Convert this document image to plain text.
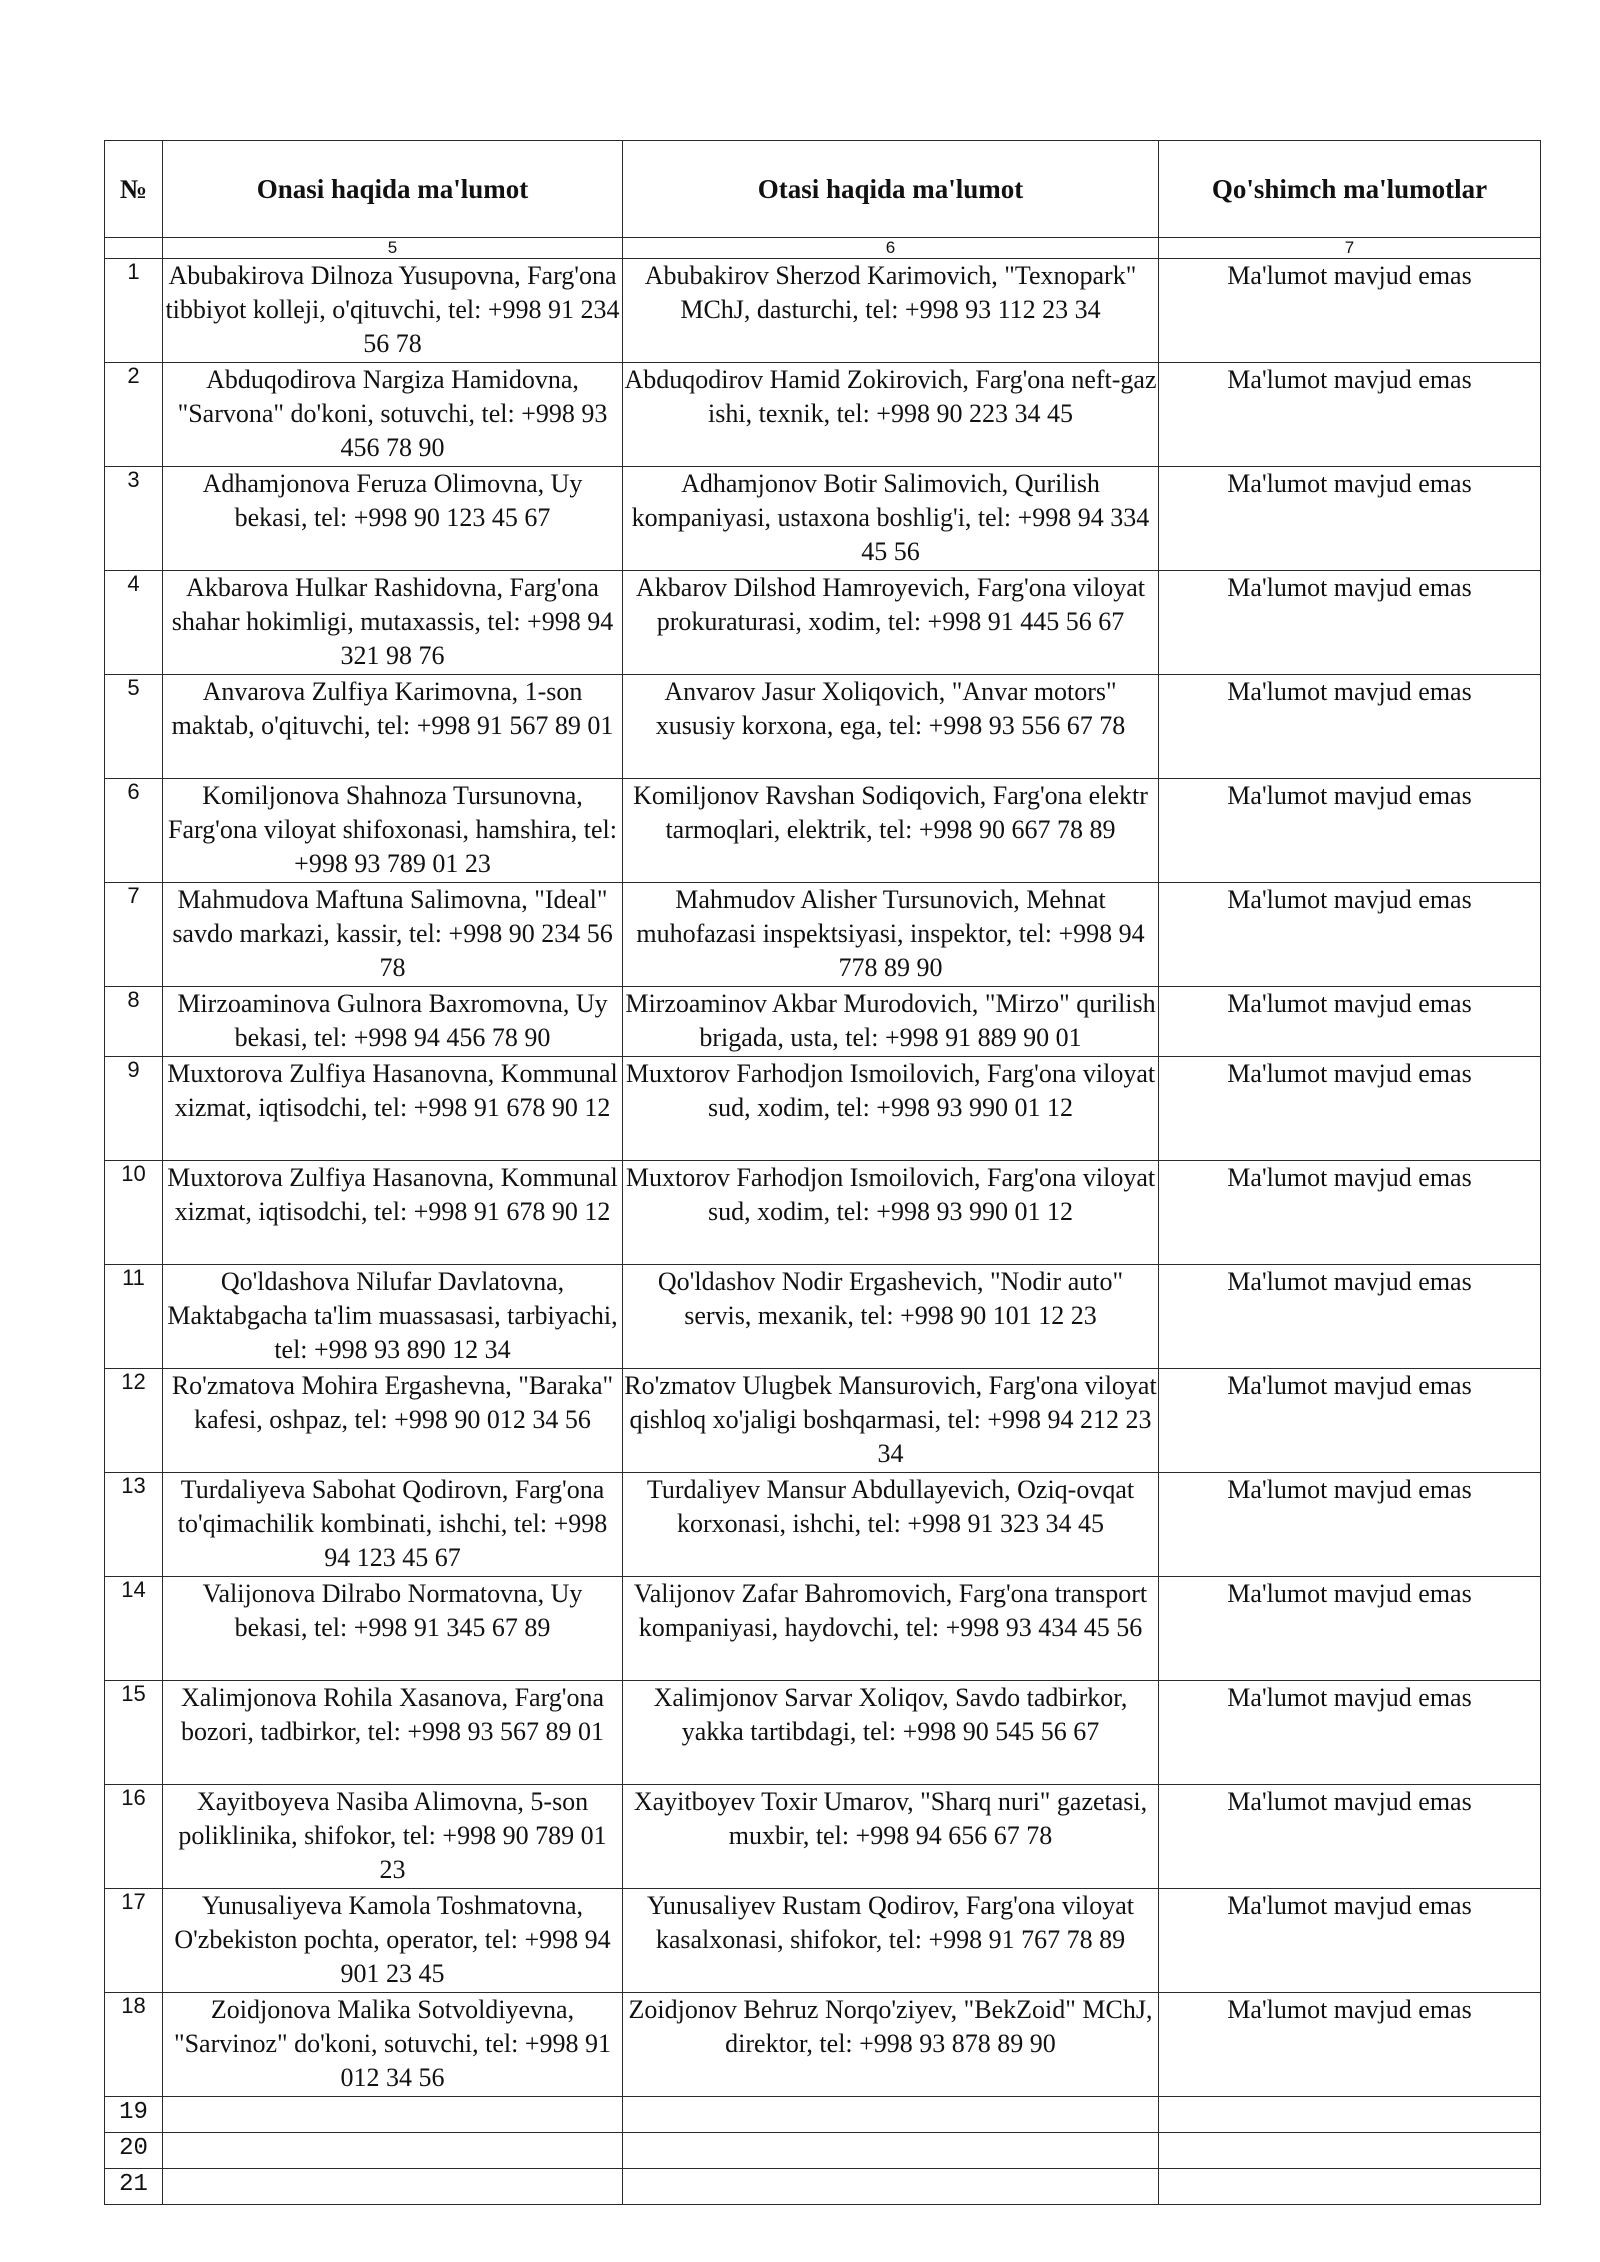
№	Onasi haqida ma'lumot	Otasi haqida ma'lumot	Qo'shimch ma'lumotlar
	5	6	7
1	Abubakirova Dilnoza Yusupovna, Farg'ona tibbiyot kolleji, o'qituvchi, tel: +998 91 234 56 78	Abubakirov Sherzod Karimovich, "Texnopark" MChJ, dasturchi, tel: +998 93 112 23 34	Ma'lumot mavjud emas
2	Abduqodirova Nargiza Hamidovna, "Sarvona" do'koni, sotuvchi, tel: +998 93 456 78 90	Abduqodirov Hamid Zokirovich, Farg'ona neft-gaz ishi, texnik, tel: +998 90 223 34 45	Ma'lumot mavjud emas
3	Adhamjonova Feruza Olimovna, Uy bekasi, tel: +998 90 123 45 67	Adhamjonov Botir Salimovich, Qurilish kompaniyasi, ustaxona boshlig'i, tel: +998 94 334 45 56	Ma'lumot mavjud emas
4	Akbarova Hulkar Rashidovna, Farg'ona shahar hokimligi, mutaxassis, tel: +998 94 321 98 76	Akbarov Dilshod Hamroyevich, Farg'ona viloyat prokuraturasi, xodim, tel: +998 91 445 56 67	Ma'lumot mavjud emas
5	Anvarova Zulfiya Karimovna, 1-son maktab, o'qituvchi, tel: +998 91 567 89 01	Anvarov Jasur Xoliqovich, "Anvar motors" xususiy korxona, ega, tel: +998 93 556 67 78	Ma'lumot mavjud emas
6	Komiljonova Shahnoza Tursunovna, Farg'ona viloyat shifoxonasi, hamshira, tel: +998 93 789 01 23	Komiljonov Ravshan Sodiqovich, Farg'ona elektr tarmoqlari, elektrik, tel: +998 90 667 78 89	Ma'lumot mavjud emas
7	Mahmudova Maftuna Salimovna, "Ideal" savdo markazi, kassir, tel: +998 90 234 56 78	Mahmudov Alisher Tursunovich, Mehnat muhofazasi inspektsiyasi, inspektor, tel: +998 94 778 89 90	Ma'lumot mavjud emas
8	Mirzoaminova Gulnora Baxromovna, Uy bekasi, tel: +998 94 456 78 90	Mirzoaminov Akbar Murodovich, "Mirzo" qurilish brigada, usta, tel: +998 91 889 90 01	Ma'lumot mavjud emas
9	Muxtorova Zulfiya Hasanovna, Kommunal xizmat, iqtisodchi, tel: +998 91 678 90 12	Muxtorov Farhodjon Ismoilovich, Farg'ona viloyat sud, xodim, tel: +998 93 990 01 12	Ma'lumot mavjud emas
10	Muxtorova Zulfiya Hasanovna, Kommunal xizmat, iqtisodchi, tel: +998 91 678 90 12	Muxtorov Farhodjon Ismoilovich, Farg'ona viloyat sud, xodim, tel: +998 93 990 01 12	Ma'lumot mavjud emas
11	Qo'ldashova Nilufar Davlatovna, Maktabgacha ta'lim muassasasi, tarbiyachi, tel: +998 93 890 12 34	Qo'ldashov Nodir Ergashevich, "Nodir auto" servis, mexanik, tel: +998 90 101 12 23	Ma'lumot mavjud emas
12	Ro'zmatova Mohira Ergashevna, "Baraka" kafesi, oshpaz, tel: +998 90 012 34 56	Ro'zmatov Ulugbek Mansurovich, Farg'ona viloyat qishloq xo'jaligi boshqarmasi, tel: +998 94 212 23 34	Ma'lumot mavjud emas
13	Turdaliyeva Sabohat Qodirovn, Farg'ona to'qimachilik kombinati, ishchi, tel: +998 94 123 45 67	Turdaliyev Mansur Abdullayevich, Oziq-ovqat korxonasi, ishchi, tel: +998 91 323 34 45	Ma'lumot mavjud emas
14	Valijonova Dilrabo Normatovna, Uy bekasi, tel: +998 91 345 67 89	Valijonov Zafar Bahromovich, Farg'ona transport kompaniyasi, haydovchi, tel: +998 93 434 45 56	Ma'lumot mavjud emas
15	Xalimjonova Rohila Xasanova, Farg'ona bozori, tadbirkor, tel: +998 93 567 89 01	Xalimjonov Sarvar Xoliqov, Savdo tadbirkor, yakka tartibdagi, tel: +998 90 545 56 67	Ma'lumot mavjud emas
16	Xayitboyeva Nasiba Alimovna, 5-son poliklinika, shifokor, tel: +998 90 789 01 23	Xayitboyev Toxir Umarov, "Sharq nuri" gazetasi, muxbir, tel: +998 94 656 67 78	Ma'lumot mavjud emas
17	Yunusaliyeva Kamola Toshmatovna, O'zbekiston pochta, operator, tel: +998 94 901 23 45	Yunusaliyev Rustam Qodirov, Farg'ona viloyat kasalxonasi, shifokor, tel: +998 91 767 78 89	Ma'lumot mavjud emas
18	Zoidjonova Malika Sotvoldiyevna, "Sarvinoz" do'koni, sotuvchi, tel: +998 91 012 34 56	Zoidjonov Behruz Norqo'ziyev, "BekZoid" MChJ, direktor, tel: +998 93 878 89 90	Ma'lumot mavjud emas
19			
20			
21			
